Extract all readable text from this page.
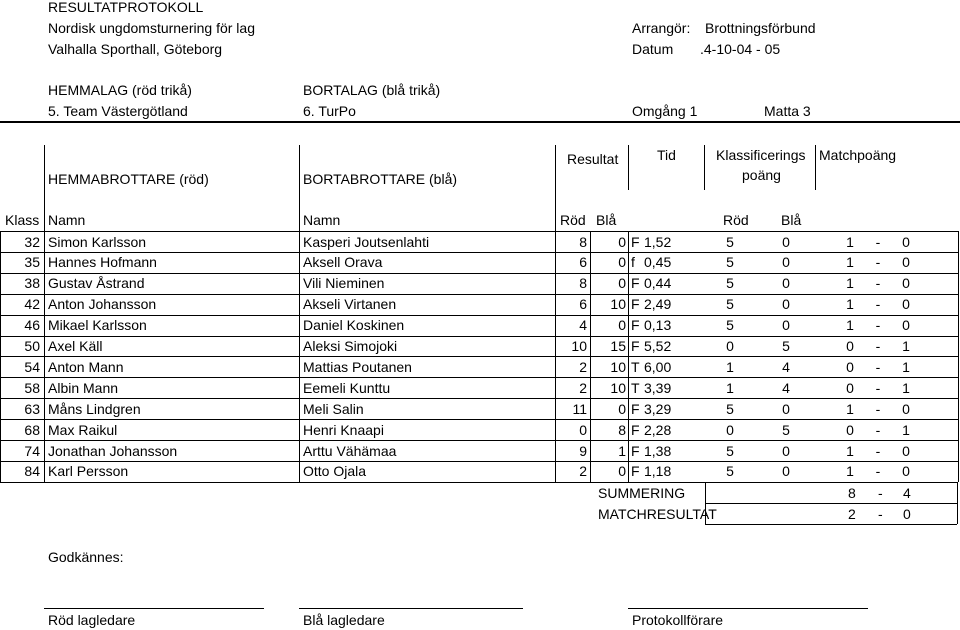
RESULTATPROTOKOLL
Nordisk ungdomsturnering för lag
Valhalla Sporthall, Göteborg
Arrangör: Brottningsförbund
Datum .4-10-04 - 05
HEMMALAG (röd trikå)	BORTALAG (blå trikå)
5. Team Västergötland	6. TurPo	Omgång 1	Matta 3
Resultat	Tid	Klassificerings
poäng
Matchpoäng
HEMMABROTTARE (röd)	BORTABROTTARE (blå)
Klass Namn	Namn	Röd Blå	Röd Blå
32 Simon Karlsson	Kasperi Joutsenlahti	8	0 F 1,52	5	0	1	-	0
35 Hannes Hofmann	Aksell Orava	6	0 f 0,45	5	0	1	-	0
38 Gustav Åstrand	Vili Nieminen	8	0 F 0,44	5	0	1	-	0
42 Anton Johansson	Akseli Virtanen	6	10 F 2,49	5	0	1	-	0
46 Mikael Karlsson	Daniel Koskinen	4	0 F 0,13	5	0	1	-	0
50 Axel Käll	Aleksi Simojoki	10	15 F 5,52	0	5	0	-	1
54 Anton Mann	Mattias Poutanen	2	10 T 6,00	1	4	0	-	1
58 Albin Mann	Eemeli Kunttu	2	10 T 3,39	1	4	0	-	1
63 Måns Lindgren	Meli Salin	11	0 F 3,29	5	0	1	-	0
68 Max Raikul	Henri Knaapi	0	8 F 2,28	0	5	0	-	1
74 Jonathan Johansson	Arttu Vähämaa	9	1 F 1,38	5	0	1	-	0
84 Karl Persson	Otto Ojala	2	0 F 1,18	5	0	1	-	0
SUMMERING	8 - 4
MATCHRESULTAT	2 - 0
Godkännes:
Röd lagledare	Blå lagledare	Protokollförare
